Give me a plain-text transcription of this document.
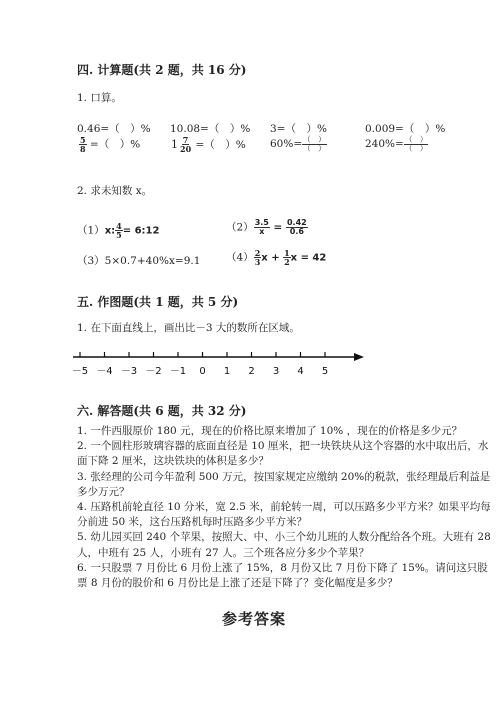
四. 计算题(共 2 题，共 16 分)
1. 口算。
0.46=（　）% 10.08=（　）% 3=（　）%	0.009=（　）%
$\frac{5}{8}$ =（　）%	$1 \frac{7}{20}$ =（　）% $60\%= \frac{( )}{( )}$	$240\%= \frac{( )}{( )}$
2. 求未知数 x。
（1）x: $\frac{4}{5}$ = 6:12	$(2) \frac{3.5}{x} = \frac{0.42}{0.6}$
（3）5×0.7+40%x=9.1 $(4) \frac{2}{3}$ $x + \frac{1}{2}$ x = 42
五. 作图题(共 1 题，共 5 分)
1. 在下面直线上，画出比－3 大的数所在区域。
－5 －4 －3 －2 －1 0 1 2 3 4 5
六. 解答题(共 6 题，共 32 分)
1. 一件西服原价 180 元，现在的价格比原来增加了 10% ，现在的价格是多少元？
2. 一个圆柱形玻璃容器的底面直径是 10 厘米，把一块铁块从这个容器的水中取出后，水面下降 2 厘米，这块铁块的体积是多少？
3. 张经理的公司今年盈利 500 万元，按国家规定应缴纳 20%的税款，张经理最后利益是多少万元？
4. 压路机前轮直径 10 分米，宽 2.5 米，前轮转一周，可以压路多少平方米？如果平均每分前进 50 米，这台压路机每时压路多少平方米？
5. 幼儿园买回 240 个苹果，按照大、中、小三个幼儿班的人数分配给各个班。大班有 28 人，中班有 25 人，小班有 27 人。三个班各应分多少个苹果？
6. 一只股票 7 月份比 6 月份上涨了 15%，8 月份又比 7 月份下降了 15%。请问这只股票 8 月份的股价和 6 月份比是上涨了还是下降了？变化幅度是多少？
参考答案
